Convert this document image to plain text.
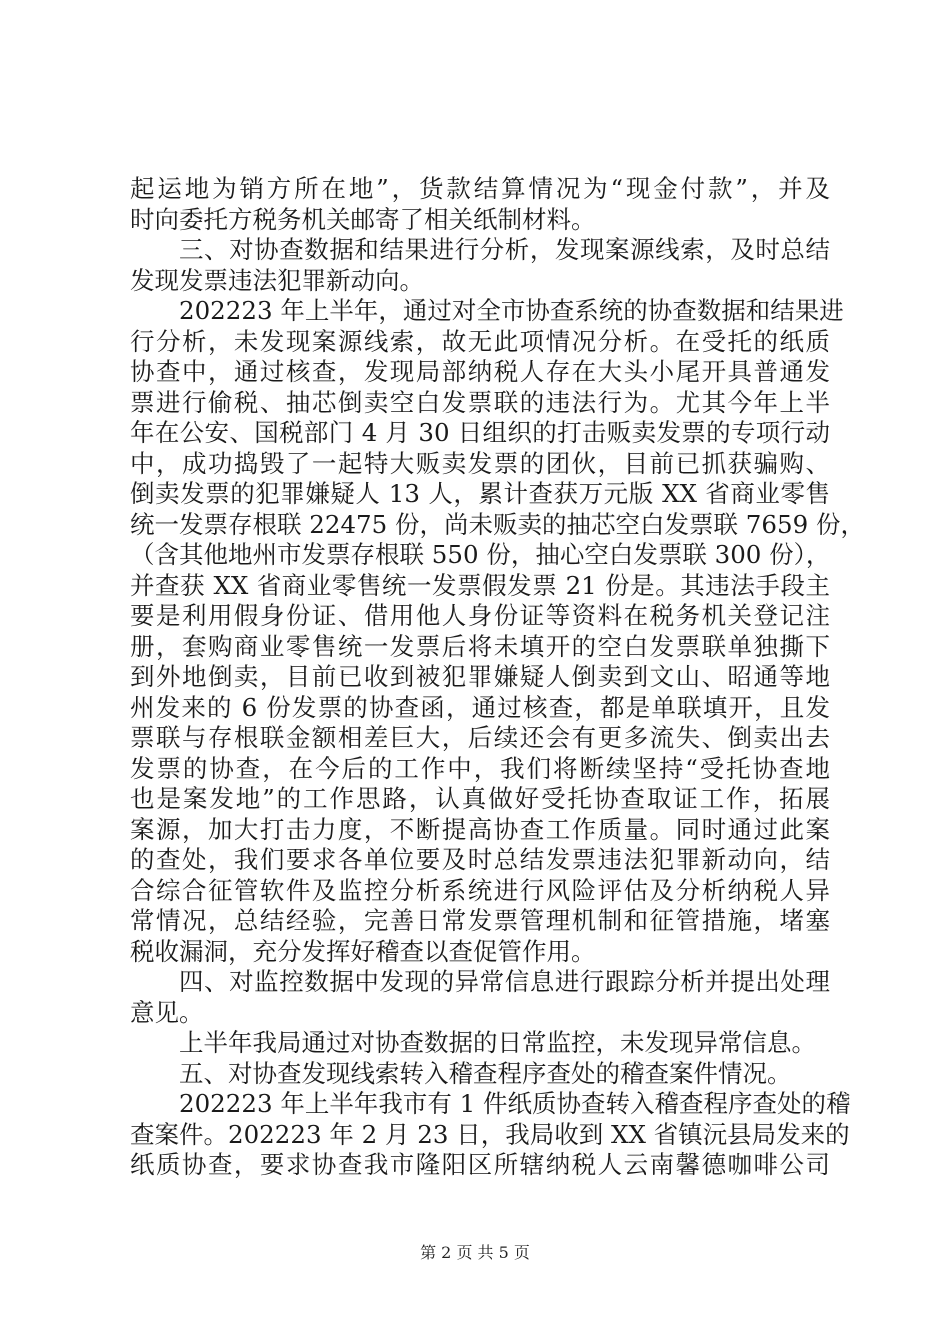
起运地为销方所在地”，货款结算情况为“现金付款”，并及
时向委托方税务机关邮寄了相关纸制材料。
三、对协查数据和结果进行分析，发现案源线索，及时总结
发现发票违法犯罪新动向。
202223 年上半年，通过对全市协查系统的协查数据和结果进
行分析，未发现案源线索，故无此项情况分析。在受托的纸质
协查中，通过核查，发现局部纳税人存在大头小尾开具普通发
票进行偷税、抽芯倒卖空白发票联的违法行为。尤其今年上半
年在公安、国税部门 4 月 30 日组织的打击贩卖发票的专项行动
中，成功捣毁了一起特大贩卖发票的团伙，目前已抓获骗购、
倒卖发票的犯罪嫌疑人 13 人，累计查获万元版 XX 省商业零售
统一发票存根联 22475 份，尚未贩卖的抽芯空白发票联 7659 份，
（含其他地州市发票存根联 550 份，抽心空白发票联 300 份），
并查获 XX 省商业零售统一发票假发票 21 份是。其违法手段主
要是利用假身份证、借用他人身份证等资料在税务机关登记注
册，套购商业零售统一发票后将未填开的空白发票联单独撕下
到外地倒卖，目前已收到被犯罪嫌疑人倒卖到文山、昭通等地
州发来的 6 份发票的协查函，通过核查，都是单联填开，且发
票联与存根联金额相差巨大，后续还会有更多流失、倒卖出去
发票的协查，在今后的工作中，我们将断续坚持“受托协查地
也是案发地”的工作思路，认真做好受托协查取证工作，拓展
案源，加大打击力度，不断提高协查工作质量。同时通过此案
的查处，我们要求各单位要及时总结发票违法犯罪新动向，结
合综合征管软件及监控分析系统进行风险评估及分析纳税人异
常情况，总结经验，完善日常发票管理机制和征管措施，堵塞
税收漏洞，充分发挥好稽查以查促管作用。
四、对监控数据中发现的异常信息进行跟踪分析并提出处理
意见。
上半年我局通过对协查数据的日常监控，未发现异常信息。
五、对协查发现线索转入稽查程序查处的稽查案件情况。
202223 年上半年我市有 1 件纸质协查转入稽查程序查处的稽
查案件。202223 年 2 月 23 日，我局收到 XX 省镇沅县局发来的
纸质协查，要求协查我市隆阳区所辖纳税人云南馨德咖啡公司
第 2 页 共 5 页
